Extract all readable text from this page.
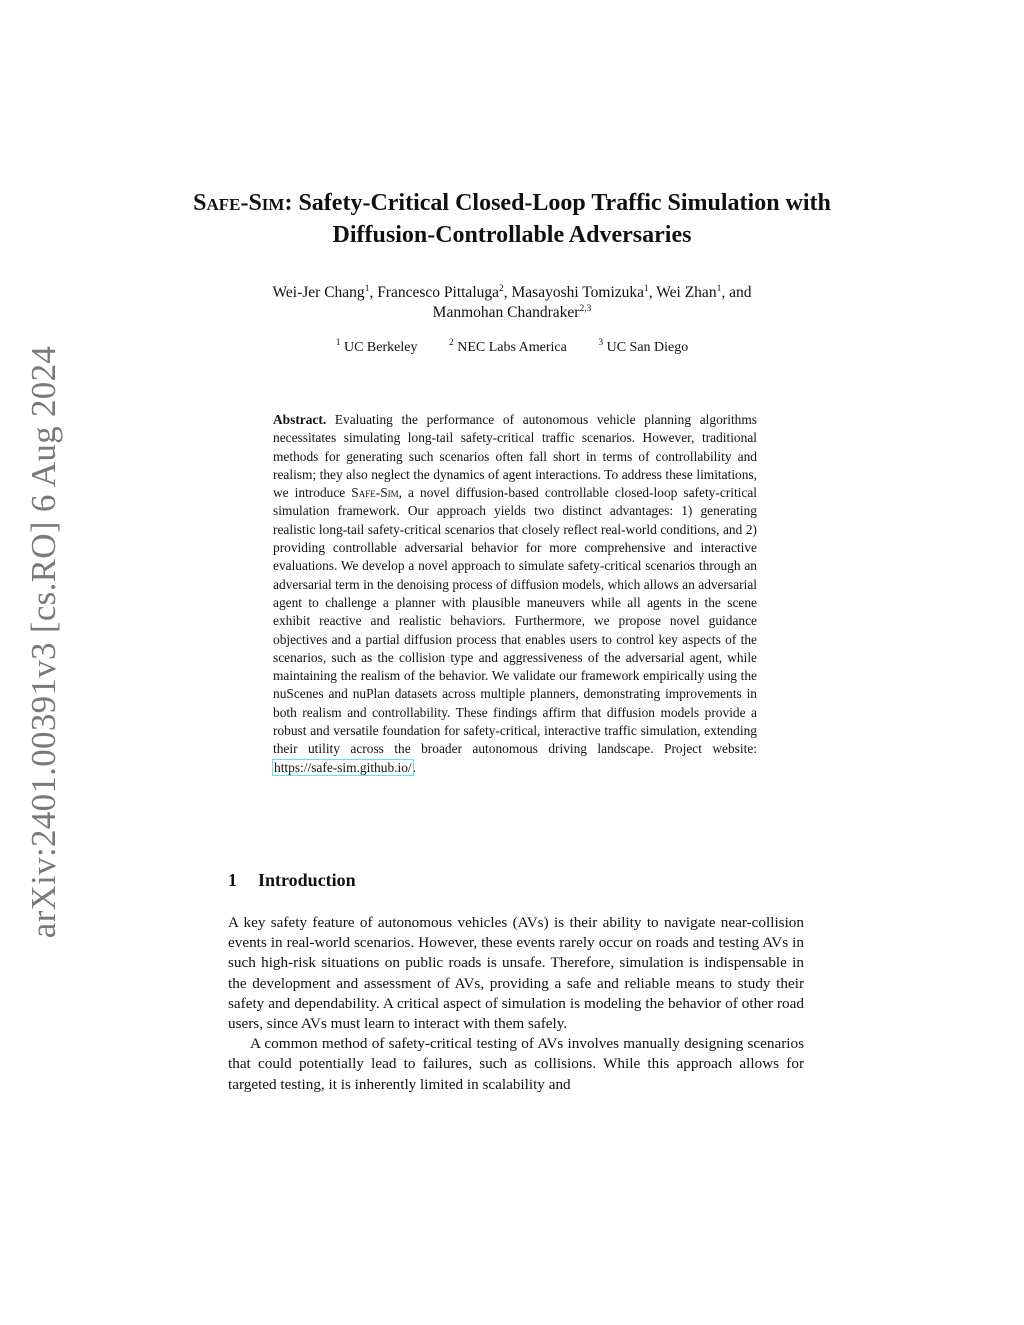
arXiv:2401.00391v3 [cs.RO] 6 Aug 2024
Safe-Sim: Safety-Critical Closed-Loop Traffic Simulation with Diffusion-Controllable Adversaries
Wei-Jer Chang$^1$, Francesco Pittaluga$^2$, Masayoshi Tomizuka$^1$, Wei Zhan$^1$, and
Manmohan Chandraker$^{2,3}$
$^1$ UC Berkeley	$^2$ NEC Labs America	$^3$ UC San Diego
Abstract. Evaluating the performance of autonomous vehicle planning algorithms necessitates simulating long-tail safety-critical traffic scenarios. However, traditional methods for generating such scenarios often fall short in terms of controllability and realism; they also neglect the dynamics of agent interactions. To address these limitations, we introduce Safe-Sim, a novel diffusion-based controllable closed-loop safety-critical simulation framework. Our approach yields two distinct advantages: 1) generating realistic long-tail safety-critical scenarios that closely reflect real-world conditions, and 2) providing controllable adversarial behavior for more comprehensive and interactive evaluations. We develop a novel approach to simulate safety-critical scenarios through an adversarial term in the denoising process of diffusion models, which allows an adversarial agent to challenge a planner with plausible maneuvers while all agents in the scene exhibit reactive and realistic behaviors. Furthermore, we propose novel guidance objectives and a partial diffusion process that enables users to control key aspects of the scenarios, such as the collision type and aggressiveness of the adversarial agent, while maintaining the realism of the behavior. We validate our framework empirically using the nuScenes and nuPlan datasets across multiple planners, demonstrating improvements in both realism and controllability. These findings affirm that diffusion models provide a robust and versatile foundation for safety-critical, interactive traffic simulation, extending their utility across the broader autonomous driving landscape. Project website: https://safe-sim.github.io/.
1 Introduction

A key safety feature of autonomous vehicles (AVs) is their ability to navigate near-collision events in real-world scenarios. However, these events rarely occur on roads and testing AVs in such high-risk situations on public roads is unsafe. Therefore, simulation is indispensable in the development and assessment of AVs, providing a safe and reliable means to study their safety and dependability. A critical aspect of simulation is modeling the behavior of other road users, since AVs must learn to interact with them safely.

A common method of safety-critical testing of AVs involves manually designing scenarios that could potentially lead to failures, such as collisions. While this approach allows for targeted testing, it is inherently limited in scalability and
